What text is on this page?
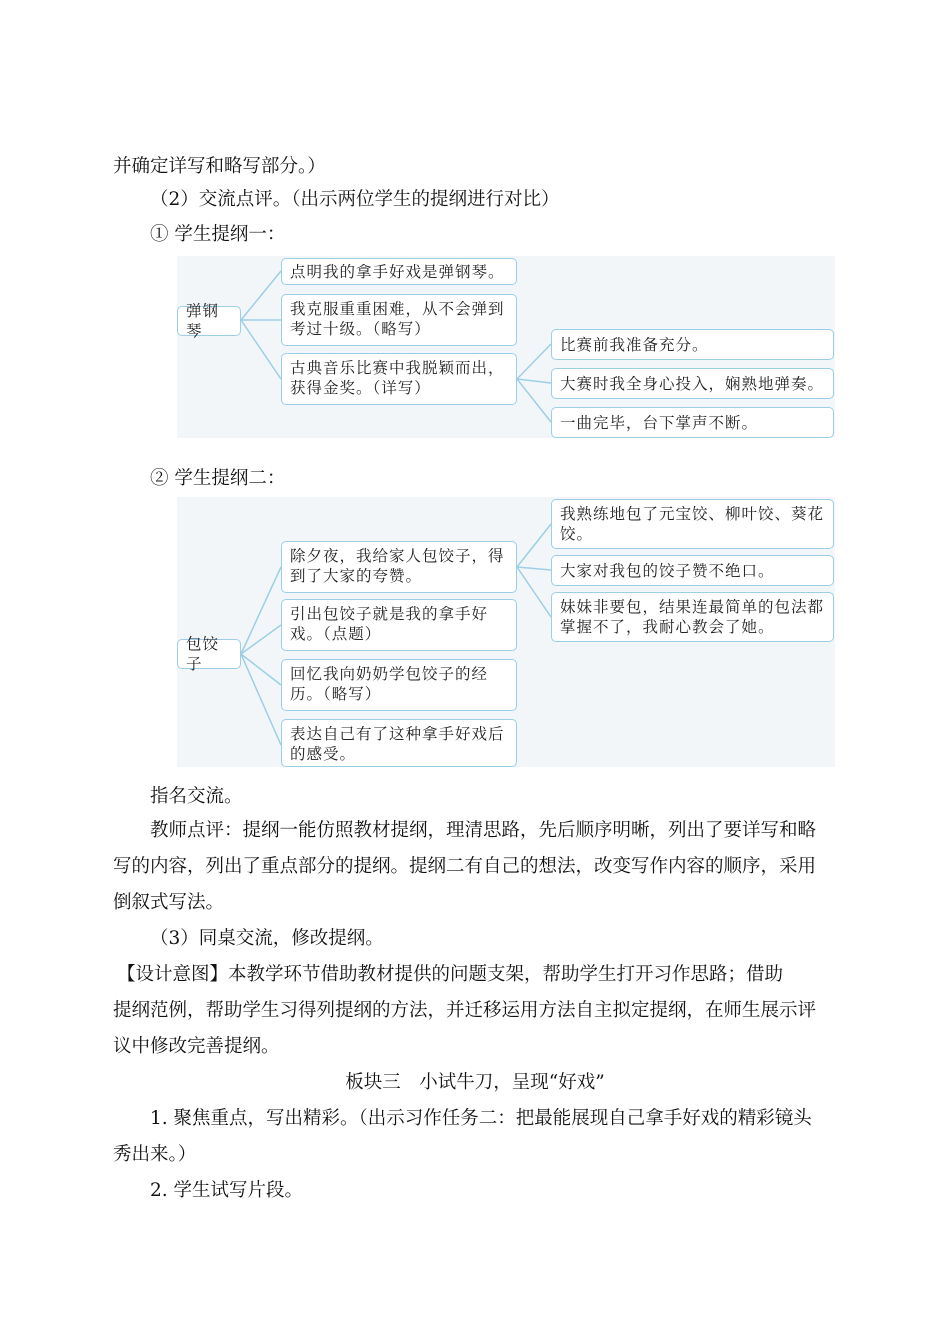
并确定详写和略写部分。）
（2）交流点评。（出示两位学生的提纲进行对比）
① 学生提纲一：
弹钢琴
点明我的拿手好戏是弹钢琴。
我克服重重困难，从不会弹到考过十级。（略写）
古典音乐比赛中我脱颖而出，获得金奖。（详写）
比赛前我准备充分。
大赛时我全身心投入，娴熟地弹奏。
一曲完毕，台下掌声不断。
② 学生提纲二：
包饺子
除夕夜，我给家人包饺子，得到了大家的夸赞。
引出包饺子就是我的拿手好戏。（点题）
回忆我向奶奶学包饺子的经历。（略写）
表达自己有了这种拿手好戏后的感受。
我熟练地包了元宝饺、柳叶饺、葵花饺。
大家对我包的饺子赞不绝口。
妹妹非要包，结果连最简单的包法都掌握不了，我耐心教会了她。
指名交流。
教师点评：提纲一能仿照教材提纲，理清思路，先后顺序明晰，列出了要详写和略
写的内容，列出了重点部分的提纲。提纲二有自己的想法，改变写作内容的顺序，采用
倒叙式写法。
（3）同桌交流，修改提纲。
【设计意图】本教学环节借助教材提供的问题支架，帮助学生打开习作思路；借助
提纲范例，帮助学生习得列提纲的方法，并迁移运用方法自主拟定提纲，在师生展示评
议中修改完善提纲。
板块三　小试牛刀，呈现“好戏”
1. 聚焦重点，写出精彩。（出示习作任务二：把最能展现自己拿手好戏的精彩镜头
秀出来。）
2. 学生试写片段。
